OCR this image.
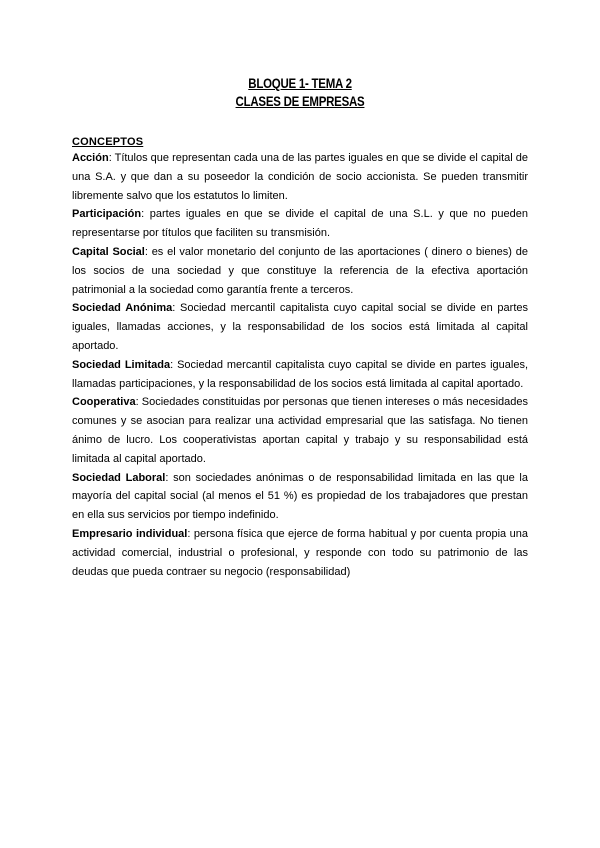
BLOQUE 1- TEMA 2
CLASES DE EMPRESAS

CONCEPTOS

Acción: Títulos que representan cada una de las partes iguales en que se divide el capital de una S.A. y que dan a su poseedor la condición de socio accionista. Se pueden transmitir libremente salvo que los estatutos lo limiten.

Participación: partes iguales en que se divide el capital de una S.L. y que no pueden representarse por títulos que faciliten su transmisión.

Capital Social: es el valor monetario del conjunto de las aportaciones ( dinero o bienes) de los socios de una sociedad y que constituye la referencia de la efectiva aportación patrimonial a la sociedad como garantía frente a terceros.

Sociedad Anónima: Sociedad mercantil capitalista cuyo capital social se divide en partes iguales, llamadas acciones, y la responsabilidad de los socios está limitada al capital aportado.

Sociedad Limitada: Sociedad mercantil capitalista cuyo capital se divide en partes iguales, llamadas participaciones, y la responsabilidad de los socios está limitada al capital aportado.

Cooperativa: Sociedades constituidas por personas que tienen intereses o más necesidades comunes y se asocian para realizar una actividad empresarial que las satisfaga. No tienen ánimo de lucro. Los cooperativistas aportan capital y trabajo y su responsabilidad está limitada al capital aportado.

Sociedad Laboral: son sociedades anónimas o de responsabilidad limitada en las que la mayoría del capital social (al menos el 51 %) es propiedad de los trabajadores que prestan en ella sus servicios por tiempo indefinido.

Empresario individual: persona física que ejerce de forma habitual y por cuenta propia una actividad comercial, industrial o profesional, y responde con todo su patrimonio de las deudas que pueda contraer su negocio (responsabilidad)
